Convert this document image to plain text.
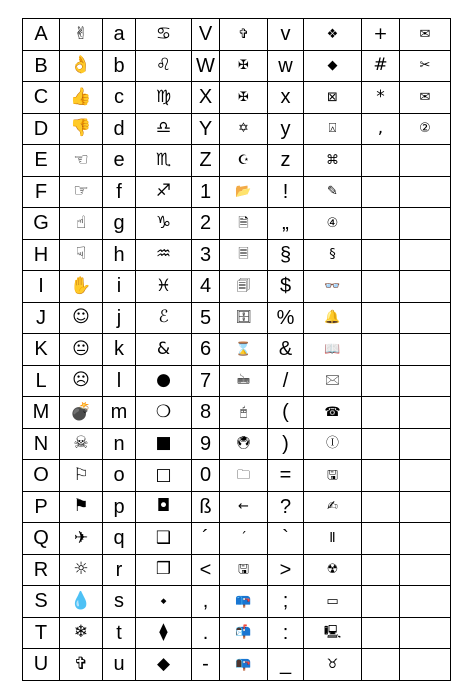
A	✌	a	♋	V	✞	v	❖	+	✉
B	👌	b	♌	W	✠	w	◆	#	✂
C	👍	c	♍	X	✠	x	⊠	*	✉
D	👎	d	♎	Y	✡	y	⍓	,	②
E	☜	e	♏	Z	☪	z	⌘		
F	☞	f	♐	1	📂	!	✎		
G	☝	g	♑	2	🗎	„	④		
H	☟	h	♒	3	🗏	§	§		
I	✋	i	♓	4	🗐	$	👓		
J	☺	j	ℰ	5	🗄	%	🔔		
K	😐	k	&	6	⌛	&	📖		
L	☹	l	●	7	🖮	/	🖂		
M	💣	m	❍	8	🖰	(	☎		
N	☠	n	■	9	🖲	)	Ⓘ		
O	⚐	o	□	0	🗀	=	🖫		
P	⚑	p	◘	ß	←	?	✍		
Q	✈	q	❑	´	´	`	Ⅱ		
R	☼	r	❒	<	🖫	>	☢		
S	💧	s	⬩	,	📪	;	▭		
T	❄	t	⧫	.	📬	:	🖳		
U	✞	u	◆	-	📭	_	♉		
